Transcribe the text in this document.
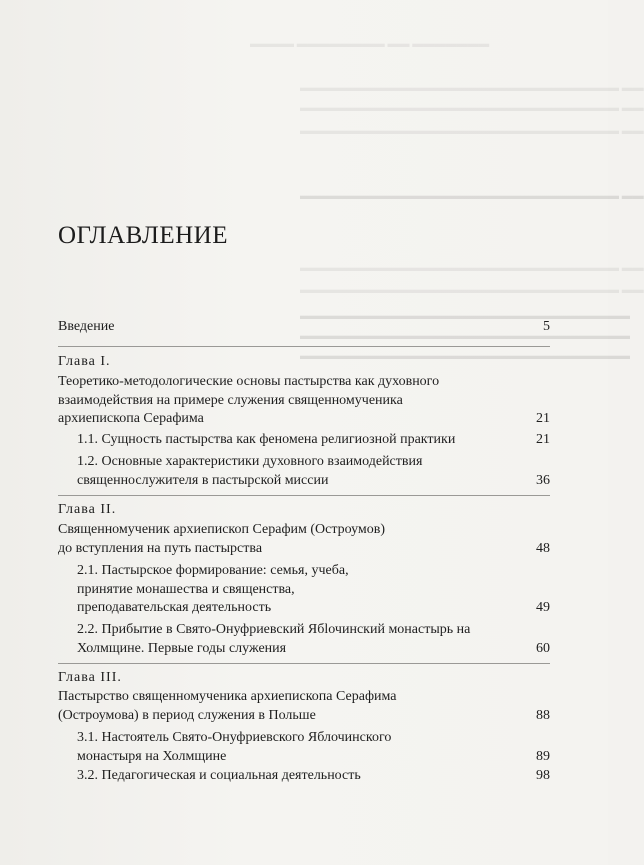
▬▬▬▬ ▬▬▬▬▬▬▬▬ ▬▬ ▬▬▬▬▬▬▬
▬▬▬▬▬▬▬▬▬▬▬▬▬▬▬▬▬▬▬▬▬▬▬▬▬▬▬▬▬ ▬▬
▬▬▬▬▬▬▬▬▬▬▬▬▬▬▬▬▬▬▬▬▬▬▬▬▬▬▬▬▬ ▬▬
▬▬▬▬▬▬▬▬▬▬▬▬▬▬▬▬▬▬▬▬▬▬▬▬▬▬▬▬▬ ▬▬
▬▬▬▬▬▬▬▬▬▬▬▬▬▬▬▬▬▬▬▬▬▬▬▬▬▬▬▬▬ ▬▬
▬▬▬▬▬▬▬▬▬▬▬▬▬▬▬▬▬▬▬▬▬▬▬▬▬▬▬▬▬ ▬▬
▬▬▬▬▬▬▬▬▬▬▬▬▬▬▬▬▬▬▬▬▬▬▬▬▬▬▬▬▬ ▬▬
▬▬▬▬▬▬▬▬▬▬▬▬▬▬▬▬▬▬▬▬▬▬▬▬▬▬▬▬▬▬
▬▬▬▬▬▬▬▬▬▬▬▬▬▬▬▬▬▬▬▬▬▬▬▬▬▬▬▬▬▬
▬▬▬▬▬▬▬▬▬▬▬▬▬▬▬▬▬▬▬▬▬▬▬▬▬▬▬▬▬▬
ОГЛАВЛЕНИЕ
Введение	5
Глава I.
Теоретико-методологические основы пастырства как духовного взаимодействия на примере служения священномученика архиепископа Серафима	21
1.1. Сущность пастырства как феномена религиозной практики	21
1.2. Основные характеристики духовного взаимодействия священнослужителя в пастырской миссии	36
Глава II.
Священномученик архиепископ Серафим (Остроумов) до вступления на путь пастырства	48
2.1. Пастырское формирование: семья, учеба, принятие монашества и священства, преподавательская деятельность	49
2.2. Прибытие в Свято-Онуфриевский Ябlочинский монастырь на Холмщине. Первые годы служения	60
Глава III.
Пастырство священномученика архиепископа Серафима (Остроумова) в период служения в Польше	88
3.1. Настоятель Свято-Онуфриевского Яблочинского монастыря на Холмщине	89
3.2. Педагогическая и социальная деятельность	98
